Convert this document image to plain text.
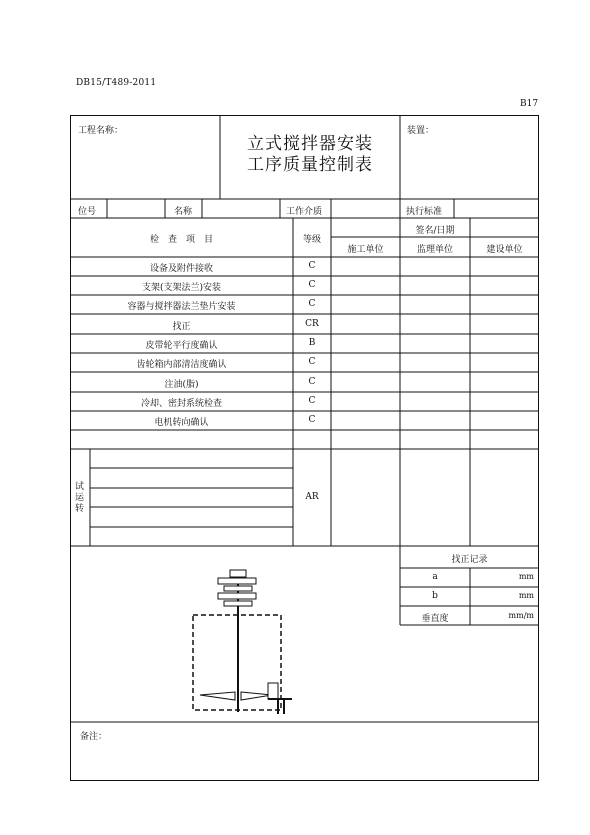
DB15/T489-2011
B17
工程名称：
立式搅拌器安装
工序质量控制表
装置：
位号	名称	工作介质	执行标准
检　查　项　目	等级
签名/日期
施工单位	监理单位	建设单位
设备及附件接收	C
支架(支架法兰)安装	C
容器与搅拌器法兰垫片安装	C
找正	CR
皮带轮平行度确认	B
齿轮箱内部清洁度确认	C
注油(脂)	C
冷却、密封系统检查	C
电机转向确认	C
试运转
AR
找正记录
a	mm
b	mm
垂直度	mm/m
备注：
